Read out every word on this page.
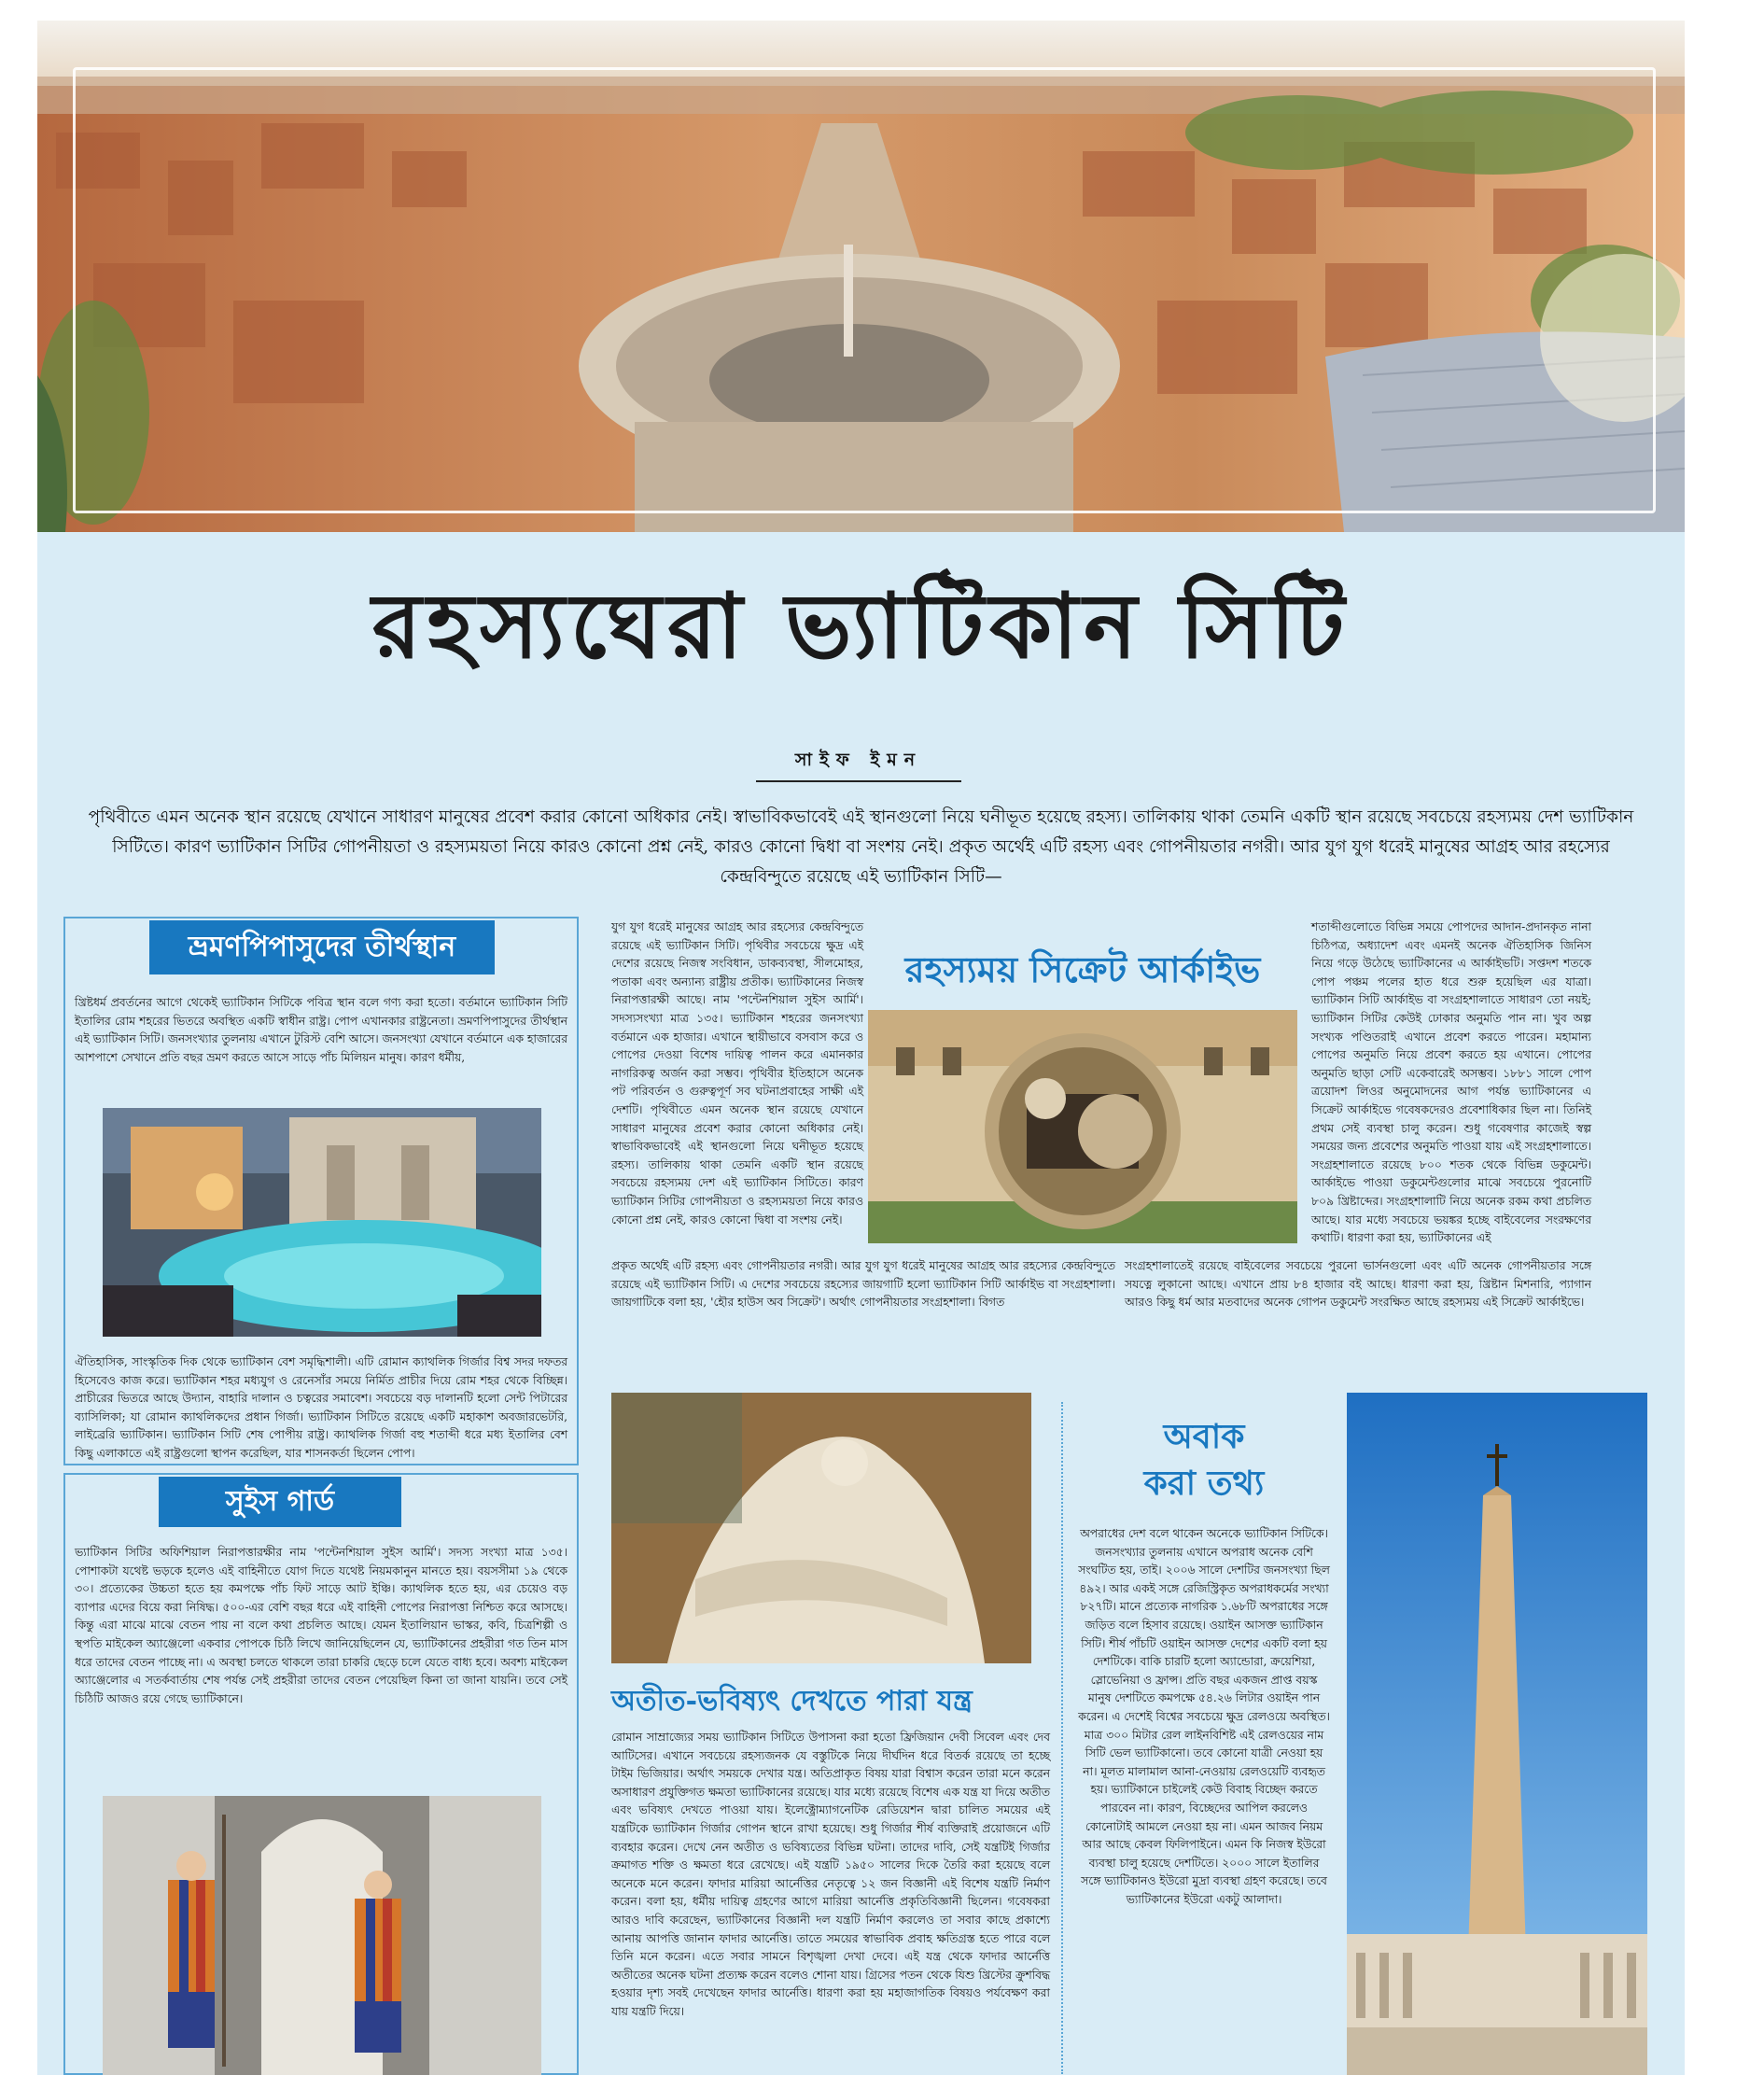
রহস্যঘেরা ভ্যাটিকান সিটি
সাইফ ইমন

পৃথিবীতে এমন অনেক স্থান রয়েছে যেখানে সাধারণ মানুষের প্রবেশ করার কোনো অধিকার নেই। স্বাভাবিকভাবেই এই স্থানগুলো নিয়ে ঘনীভূত হয়েছে রহস্য। তালিকায় থাকা তেমনি একটি স্থান রয়েছে সবচেয়ে রহস্যময় দেশ ভ্যাটিকান সিটিতে। কারণ ভ্যাটিকান সিটির গোপনীয়তা ও রহস্যময়তা নিয়ে কারও কোনো প্রশ্ন নেই, কারও কোনো দ্বিধা বা সংশয় নেই। প্রকৃত অর্থেই এটি রহস্য এবং গোপনীয়তার নগরী। আর যুগ যুগ ধরেই মানুষের আগ্রহ আর রহস্যের কেন্দ্রবিন্দুতে রয়েছে এই ভ্যাটিকান সিটি—

ভ্রমণপিপাসুদের তীর্থস্থান

খ্রিষ্টধর্ম প্রবর্তনের আগে থেকেই ভ্যাটিকান সিটিকে পবিত্র স্থান বলে গণ্য করা হতো। বর্তমানে ভ্যাটিকান সিটি ইতালির রোম শহরের ভিতরে অবস্থিত একটি স্বাধীন রাষ্ট্র। পোপ এখানকার রাষ্ট্রনেতা। ভ্রমণপিপাসুদের তীর্থস্থান এই ভ্যাটিকান সিটি। জনসংখ্যার তুলনায় এখানে টুরিস্ট বেশি আসে। জনসংখ্যা যেখানে বর্তমানে এক হাজারের আশপাশে সেখানে প্রতি বছর ভ্রমণ করতে আসে সাড়ে পাঁচ মিলিয়ন মানুষ। কারণ ধর্মীয়,

ঐতিহাসিক, সাংস্কৃতিক দিক থেকে ভ্যাটিকান বেশ সমৃদ্ধিশালী। এটি রোমান ক্যাথলিক গির্জার বিশ্ব সদর দফতর হিসেবেও কাজ করে। ভ্যাটিকান শহর মধ্যযুগ ও রেনেসাঁর সময়ে নির্মিত প্রাচীর দিয়ে রোম শহর থেকে বিচ্ছিন্ন। প্রাচীরের ভিতরে আছে উদ্যান, বাহারি দালান ও চত্বরের সমাবেশ। সবচেয়ে বড় দালানটি হলো সেন্ট পিটারের ব্যাসিলিকা; যা রোমান ক্যাথলিকদের প্রধান গির্জা। ভ্যাটিকান সিটিতে রয়েছে একটি মহাকাশ অবজারভেটরি, লাইব্রেরি ভ্যাটিকান। ভ্যাটিকান সিটি শেষ পোপীয় রাষ্ট্র। ক্যাথলিক গির্জা বহু শতাব্দী ধরে মধ্য ইতালির বেশ কিছু এলাকাতে এই রাষ্ট্রগুলো স্থাপন করেছিল, যার শাসনকর্তা ছিলেন পোপ।

সুইস গার্ড

ভ্যাটিকান সিটির অফিশিয়াল নিরাপত্তারক্ষীর নাম 'পন্টেনশিয়াল সুইস আর্মি'। সদস্য সংখ্যা মাত্র ১৩৫। পোশাকটা যথেষ্ট ভড়কে হলেও এই বাহিনীতে যোগ দিতে যথেষ্ট নিয়মকানুন মানতে হয়। বয়সসীমা ১৯ থেকে ৩০। প্রত্যেকের উচ্চতা হতে হয় কমপক্ষে পাঁচ ফিট সাড়ে আট ইঞ্চি। ক্যাথলিক হতে হয়, এর চেয়েও বড় ব্যাপার এদের বিয়ে করা নিষিদ্ধ। ৫০০-এর বেশি বছর ধরে এই বাহিনী পোপের নিরাপত্তা নিশ্চিত করে আসছে। কিন্তু এরা মাঝে মাঝে বেতন পায় না বলে কথা প্রচলিত আছে। যেমন ইতালিয়ান ভাস্কর, কবি, চিত্রশিল্পী ও স্থপতি মাইকেল অ্যাঞ্জেলো একবার পোপকে চিঠি লিখে জানিয়েছিলেন যে, ভ্যাটিকানের প্রহরীরা গত তিন মাস ধরে তাদের বেতন পাচ্ছে না। এ অবস্থা চলতে থাকলে তারা চাকরি ছেড়ে চলে যেতে বাধ্য হবে। অবশ্য মাইকেল অ্যাঞ্জেলোর এ সতর্কবার্তায় শেষ পর্যন্ত সেই প্রহরীরা তাদের বেতন পেয়েছিল কিনা তা জানা যায়নি। তবে সেই চিঠিটি আজও রয়ে গেছে ভ্যাটিকানে।

যুগ যুগ ধরেই মানুষের আগ্রহ আর রহস্যের কেন্দ্রবিন্দুতে রয়েছে এই ভ্যাটিকান সিটি। পৃথিবীর সবচেয়ে ক্ষুদ্র এই দেশের রয়েছে নিজস্ব সংবিধান, ডাকব্যবস্থা, সীলমোহর, পতাকা এবং অন্যান্য রাষ্ট্রীয় প্রতীক। ভ্যাটিকানের নিজস্ব নিরাপত্তারক্ষী আছে। নাম 'পন্টেনশিয়াল সুইস আর্মি'। সদস্যসংখ্যা মাত্র ১৩৫। ভ্যাটিকান শহরের জনসংখ্যা বর্তমানে এক হাজার। এখানে স্থায়ীভাবে বসবাস করে ও পোপের দেওয়া বিশেষ দায়িত্ব পালন করে এমানকার নাগরিকত্ব অর্জন করা সম্ভব। পৃথিবীর ইতিহাসে অনেক পট পরিবর্তন ও গুরুত্বপূর্ণ সব ঘটনাপ্রবাহের সাক্ষী এই দেশটি। পৃথিবীতে এমন অনেক স্থান রয়েছে যেখানে সাধারণ মানুষের প্রবেশ করার কোনো অধিকার নেই। স্বাভাবিকভাবেই এই স্থানগুলো নিয়ে ঘনীভূত হয়েছে রহস্য। তালিকায় থাকা তেমনি একটি স্থান রয়েছে সবচেয়ে রহস্যময় দেশ এই ভ্যাটিকান সিটিতে। কারণ ভ্যাটিকান সিটির গোপনীয়তা ও রহস্যময়তা নিয়ে কারও কোনো প্রশ্ন নেই, কারও কোনো দ্বিধা বা সংশয় নেই।

রহস্যময় সিক্রেট আর্কাইভ

প্রকৃত অর্থেই এটি রহস্য এবং গোপনীয়তার নগরী। আর যুগ যুগ ধরেই মানুষের আগ্রহ আর রহস্যের কেন্দ্রবিন্দুতে রয়েছে এই ভ্যাটিকান সিটি। এ দেশের সবচেয়ে রহস্যের জায়গাটি হলো ভ্যাটিকান সিটি আর্কাইভ বা সংগ্রহশালা। জায়গাটিকে বলা হয়, 'হৌর হাউস অব সিক্রেট'। অর্থাৎ গোপনীয়তার সংগ্রহশালা। বিগত

শতাব্দীগুলোতে বিভিন্ন সময়ে পোপদের আদান-প্রদানকৃত নানা চিঠিপত্র, অধ্যাদেশ এবং এমনই অনেক ঐতিহাসিক জিনিস নিয়ে গড়ে উঠেছে ভ্যাটিকানের এ আর্কাইভটি। সপ্তদশ শতকে পোপ পঞ্চম পলের হাত ধরে শুরু হয়েছিল এর যাত্রা। ভ্যাটিকান সিটি আর্কাইভ বা সংগ্রহশালাতে সাধারণ তো নয়ই; ভ্যাটিকান সিটির কেউই ঢোকার অনুমতি পান না। খুব অল্প সংখ্যক পণ্ডিতরাই এখানে প্রবেশ করতে পারেন। মহামান্য পোপের অনুমতি নিয়ে প্রবেশ করতে হয় এখানে। পোপের অনুমতি ছাড়া সেটি একেবারেই অসম্ভব। ১৮৮১ সালে পোপ ত্রয়োদশ লিওর অনুমোদনের আগ পর্যন্ত ভ্যাটিকানের এ সিক্রেট আর্কাইভে গবেষকদেরও প্রবেশাধিকার ছিল না। তিনিই প্রথম সেই ব্যবস্থা চালু করেন। শুধু গবেষণার কাজেই স্বল্প সময়ের জন্য প্রবেশের অনুমতি পাওয়া যায় এই সংগ্রহশালাতে। সংগ্রহশালাতে রয়েছে ৮০০ শতক থেকে বিভিন্ন ডকুমেন্ট। আর্কাইভে পাওয়া ডকুমেন্টগুলোর মাঝে সবচেয়ে পুরনোটি ৮০৯ খ্রিষ্টাব্দের। সংগ্রহশালাটি নিয়ে অনেক রকম কথা প্রচলিত আছে। যার মধ্যে সবচেয়ে ভয়ঙ্কর হচ্ছে বাইবেলের সংরক্ষণের কথাটি। ধারণা করা হয়, ভ্যাটিকানের এই

সংগ্রহশালাতেই রয়েছে বাইবেলের সবচেয়ে পুরনো ভার্সনগুলো এবং এটি অনেক গোপনীয়তার সঙ্গে সযত্নে লুকানো আছে। এখানে প্রায় ৮৪ হাজার বই আছে। ধারণা করা হয়, খ্রিষ্টান মিশনারি, প্যাগান আরও কিছু ধর্ম আর মতবাদের অনেক গোপন ডকুমেন্ট সংরক্ষিত আছে রহস্যময় এই সিক্রেট আর্কাইভে।

অতীত-ভবিষ্যৎ দেখতে পারা যন্ত্র

রোমান সাম্রাজ্যের সময় ভ্যাটিকান সিটিতে উপাসনা করা হতো ফ্রিজিয়ান দেবী সিবেল এবং দেব আটিসের। এখানে সবচেয়ে রহস্যজনক যে বস্তুটিকে নিয়ে দীর্ঘদিন ধরে বিতর্ক রয়েছে তা হচ্ছে টাইম ভিজিয়ার। অর্থাৎ সময়কে দেখার যন্ত্র। অতিপ্রাকৃত বিষয় যারা বিশ্বাস করেন তারা মনে করেন অসাধারণ প্রযুক্তিগত ক্ষমতা ভ্যাটিকানের রয়েছে। যার মধ্যে রয়েছে বিশেষ এক যন্ত্র যা দিয়ে অতীত এবং ভবিষ্যৎ দেখতে পাওয়া যায়। ইলেক্ট্রোম্যাগনেটিক রেডিয়েশন দ্বারা চালিত সময়ের এই যন্ত্রটিকে ভ্যাটিকান গির্জার গোপন স্থানে রাখা হয়েছে। শুধু গির্জার শীর্ষ ব্যক্তিরাই প্রয়োজনে এটি ব্যবহার করেন। দেখে নেন অতীত ও ভবিষ্যতের বিভিন্ন ঘটনা। তাদের দাবি, সেই যন্ত্রটিই গির্জার ক্রমাগত শক্তি ও ক্ষমতা ধরে রেখেছে। এই যন্ত্রটি ১৯৫০ সালের দিকে তৈরি করা হয়েছে বলে অনেকে মনে করেন। ফাদার মারিয়া আর্নেত্তির নেতৃত্বে ১২ জন বিজ্ঞানী এই বিশেষ যন্ত্রটি নির্মাণ করেন। বলা হয়, ধর্মীয় দায়িত্ব গ্রহণের আগে মারিয়া আর্নেত্তি প্রকৃতিবিজ্ঞানী ছিলেন। গবেষকরা আরও দাবি করেছেন, ভ্যাটিকানের বিজ্ঞানী দল যন্ত্রটি নির্মাণ করলেও তা সবার কাছে প্রকাশ্যে আনায় আপত্তি জানান ফাদার আর্নেত্তি। তাতে সময়ের স্বাভাবিক প্রবাহ ক্ষতিগ্রস্ত হতে পারে বলে তিনি মনে করেন। এতে সবার সামনে বিশৃঙ্খলা দেখা দেবে। এই যন্ত্র থেকে ফাদার আর্নেত্তি অতীতের অনেক ঘটনা প্রত্যক্ষ করেন বলেও শোনা যায়। গ্রিসের পতন থেকে যিশু খ্রিস্টের ক্রুশবিদ্ধ হওয়ার দৃশ্য সবই দেখেছেন ফাদার আর্নেত্তি। ধারণা করা হয় মহাজাগতিক বিষয়ও পর্যবেক্ষণ করা যায় যন্ত্রটি দিয়ে।

অবাক
করা তথ্য

অপরাধের দেশ বলে থাকেন অনেকে ভ্যাটিকান সিটিকে। জনসংখ্যার তুলনায় এখানে অপরাধ অনেক বেশি সংঘটিত হয়, তাই। ২০০৬ সালে দেশটির জনসংখ্যা ছিল ৪৯২। আর একই সঙ্গে রেজিস্ট্রিকৃত অপরাধকর্মের সংখ্যা ৮২৭টি। মানে প্রত্যেক নাগরিক ১.৬৮টি অপরাধের সঙ্গে জড়িত বলে হিসাব রয়েছে। ওয়াইন আসক্ত ভ্যাটিকান সিটি। শীর্ষ পাঁচটি ওয়াইন আসক্ত দেশের একটি বলা হয় দেশটিকে। বাকি চারটি হলো অ্যান্ডোরা, ক্রয়েশিয়া, স্লোভেনিয়া ও ফ্রান্স। প্রতি বছর একজন প্রাপ্ত বয়স্ক মানুষ দেশটিতে কমপক্ষে ৫৪.২৬ লিটার ওয়াইন পান করেন। এ দেশেই বিশ্বের সবচেয়ে ক্ষুদ্র রেলওয়ে অবস্থিত। মাত্র ৩০০ মিটার রেল লাইনবিশিষ্ট এই রেলওয়ের নাম সিটি ভেল ভ্যাটিকানো। তবে কোনো যাত্রী নেওয়া হয় না। মূলত মালামাল আনা-নেওয়ায় রেলওয়েটি ব্যবহৃত হয়। ভ্যাটিকানে চাইলেই কেউ বিবাহ বিচ্ছেদ করতে পারবেন না। কারণ, বিচ্ছেদের আপিল করলেও কোনোটাই আমলে নেওয়া হয় না। এমন আজব নিয়ম আর আছে কেবল ফিলিপাইনে। এমন কি নিজস্ব ইউরো ব্যবস্থা চালু হয়েছে দেশটিতে। ২০০০ সালে ইতালির সঙ্গে ভ্যাটিকানও ইউরো মুদ্রা ব্যবস্থা গ্রহণ করেছে। তবে ভ্যাটিকানের ইউরো একটু আলাদা।
